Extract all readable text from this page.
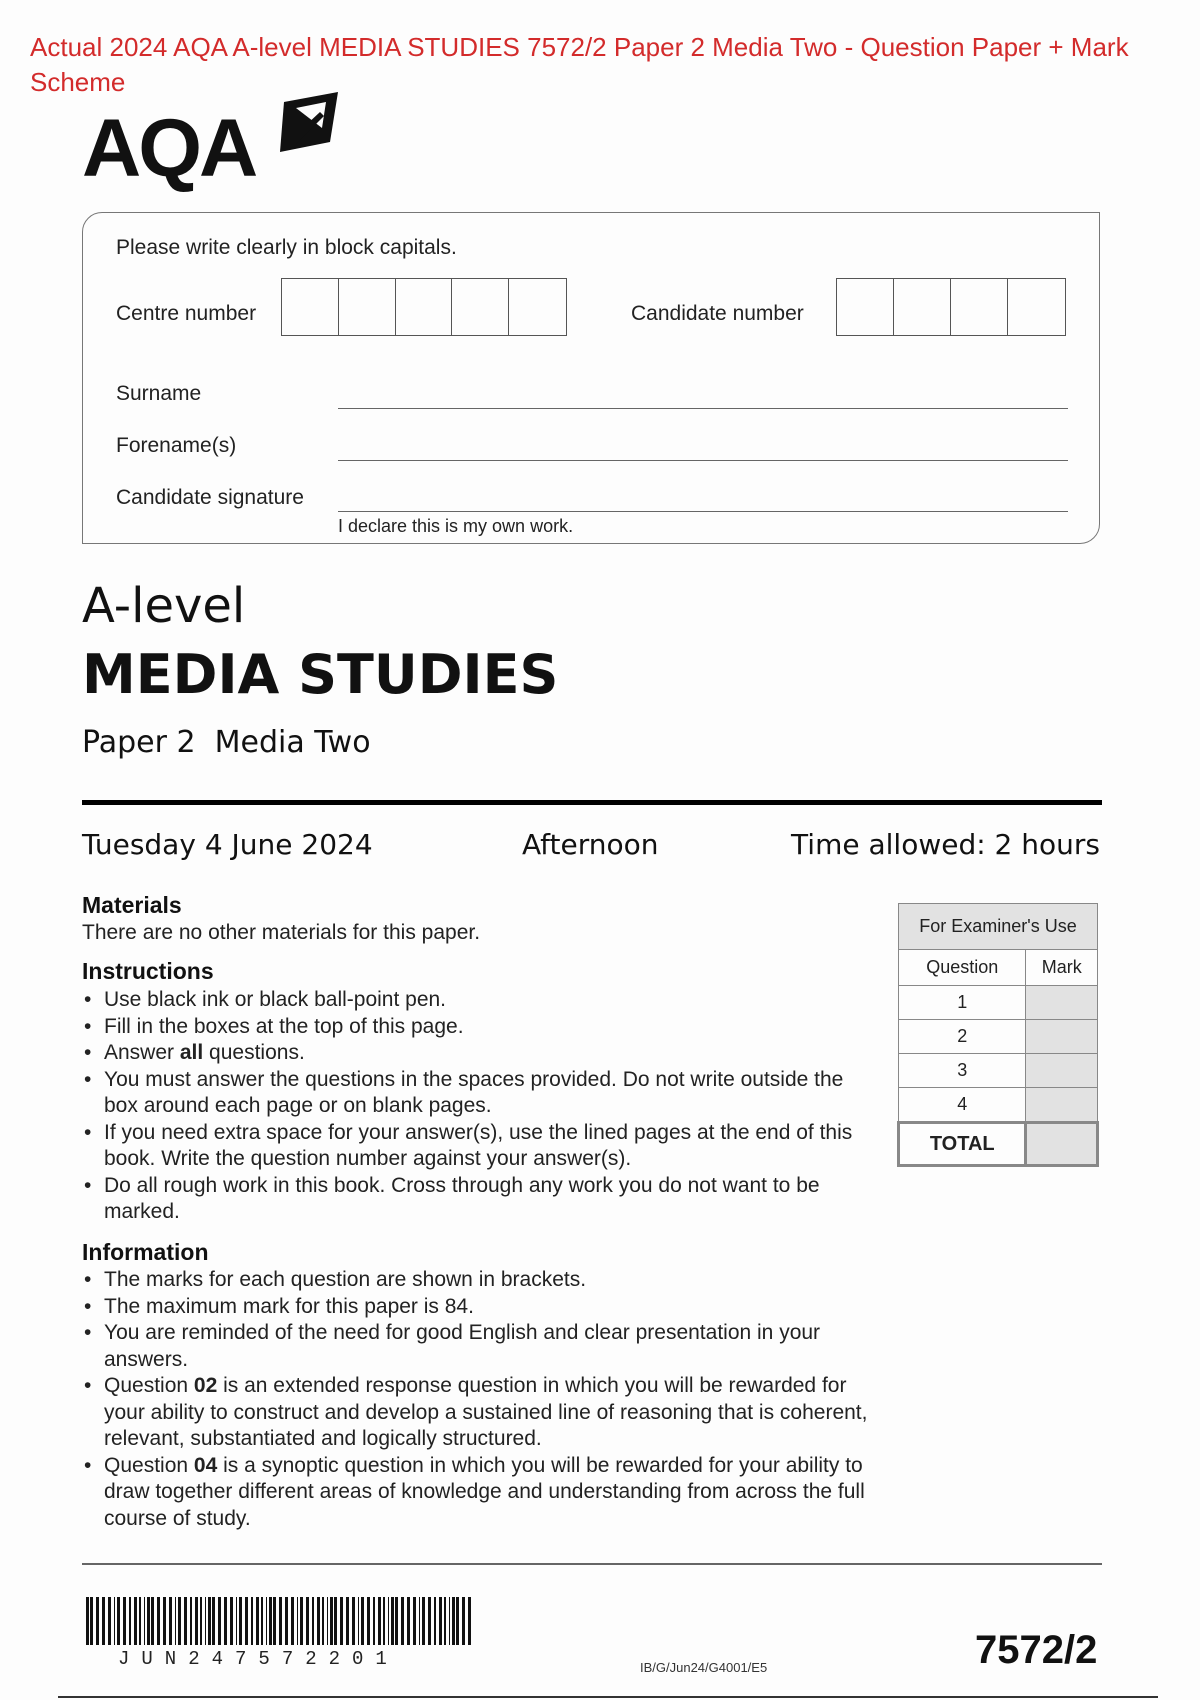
Actual 2024 AQA A-level MEDIA STUDIES 7572/2 Paper 2 Media Two - Question Paper + Mark Scheme
AQA
Please write clearly in block capitals.
Centre number	Candidate number
Surname
Forename(s)
Candidate signature
I declare this is my own work.
A-level
MEDIA STUDIES
Paper 2  Media Two
Tuesday 4 June 2024	Afternoon	Time allowed: 2 hours
Materials
There are no other materials for this paper.
Instructions
• Use black ink or black ball-point pen.
• Fill in the boxes at the top of this page.
• Answer all questions.
• You must answer the questions in the spaces provided. Do not write outside the box around each page or on blank pages.
• If you need extra space for your answer(s), use the lined pages at the end of this book. Write the question number against your answer(s).
• Do all rough work in this book. Cross through any work you do not want to be marked.
Information
• The marks for each question are shown in brackets.
• The maximum mark for this paper is 84.
• You are reminded of the need for good English and clear presentation in your answers.
• Question 02 is an extended response question in which you will be rewarded for your ability to construct and develop a sustained line of reasoning that is coherent, relevant, substantiated and logically structured.
• Question 04 is a synoptic question in which you will be rewarded for your ability to draw together different areas of knowledge and understanding from across the full course of study.
For Examiner's Use	
Question	Mark
1	
2	
3	
4	
TOTAL	
JUN247572201	IB/G/Jun24/G4001/E5	7572/2
